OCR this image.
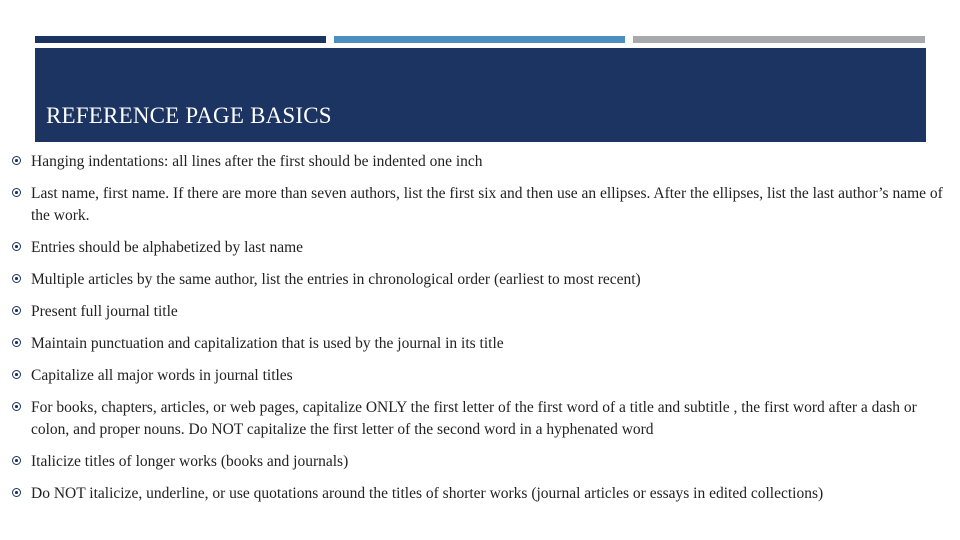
REFERENCE PAGE BASICS
Hanging indentations: all lines after the first should be indented one inch
Last name, first name. If there are more than seven authors, list the first six and then use an ellipses. After the ellipses, list the last author’s name of the work.
Entries should be alphabetized by last name
Multiple articles by the same author, list the entries in chronological order (earliest to most recent)
Present full journal title
Maintain punctuation and capitalization that is used by the journal in its title
Capitalize all major words in journal titles
For books, chapters, articles, or web pages, capitalize ONLY the first letter of the first word of a title and subtitle , the first word after a dash or colon, and proper nouns. Do NOT capitalize the first letter of the second word in a hyphenated word
Italicize titles of longer works (books and journals)
Do NOT italicize, underline, or use quotations around the titles of shorter works (journal articles or essays in edited collections)
